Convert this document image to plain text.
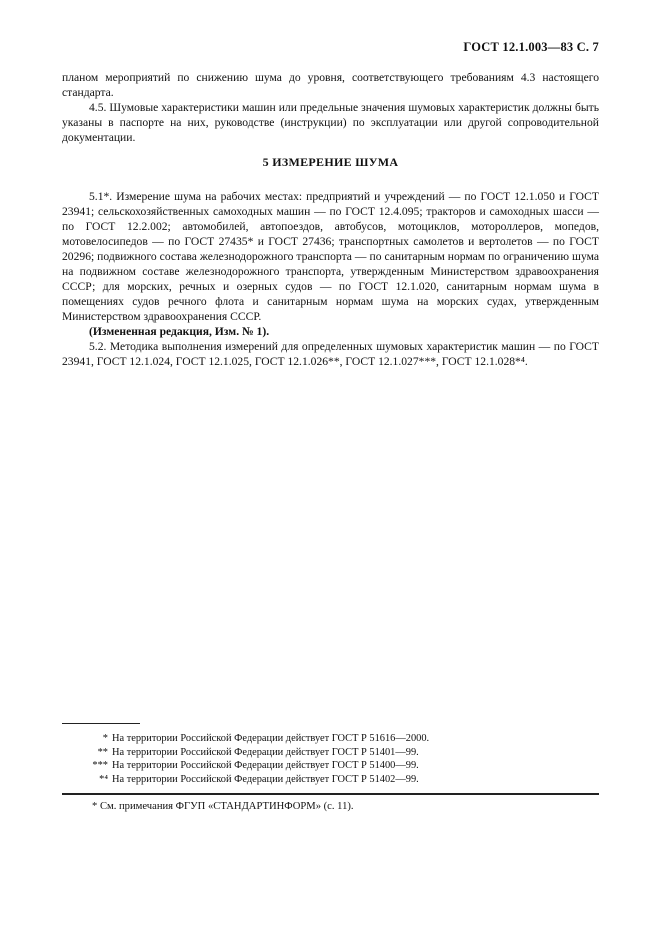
ГОСТ 12.1.003—83 С. 7

планом мероприятий по снижению шума до уровня, соответствующего требованиям 4.3 настоящего стандарта.

4.5. Шумовые характеристики машин или предельные значения шумовых характеристик должны быть указаны в паспорте на них, руководстве (инструкции) по эксплуатации или другой сопроводительной документации.

5 ИЗМЕРЕНИЕ ШУМА

5.1*. Измерение шума на рабочих местах: предприятий и учреждений — по ГОСТ 12.1.050 и ГОСТ 23941; сельскохозяйственных самоходных машин — по ГОСТ 12.4.095; тракторов и самоходных шасси — по ГОСТ 12.2.002; автомобилей, автопоездов, автобусов, мотоциклов, мотороллеров, мопедов, мотовелосипедов — по ГОСТ 27435* и ГОСТ 27436; транспортных самолетов и вертолетов — по ГОСТ 20296; подвижного состава железнодорожного транспорта — по санитарным нормам по ограничению шума на подвижном составе железнодорожного транспорта, утвержденным Министерством здравоохранения СССР; для морских, речных и озерных судов — по ГОСТ 12.1.020, санитарным нормам шума в помещениях судов речного флота и санитарным нормам шума на морских судах, утвержденным Министерством здравоохранения СССР.

(Измененная редакция, Изм. № 1).

5.2. Методика выполнения измерений для определенных шумовых характеристик машин — по ГОСТ 23941, ГОСТ 12.1.024, ГОСТ 12.1.025, ГОСТ 12.1.026**, ГОСТ 12.1.027***, ГОСТ 12.1.028*⁴.

* На территории Российской Федерации действует ГОСТ Р 51616—2000.
** На территории Российской Федерации действует ГОСТ Р 51401—99.
*** На территории Российской Федерации действует ГОСТ Р 51400—99.
*⁴ На территории Российской Федерации действует ГОСТ Р 51402—99.
* См. примечания ФГУП «СТАНДАРТИНФОРМ» (с. 11).
